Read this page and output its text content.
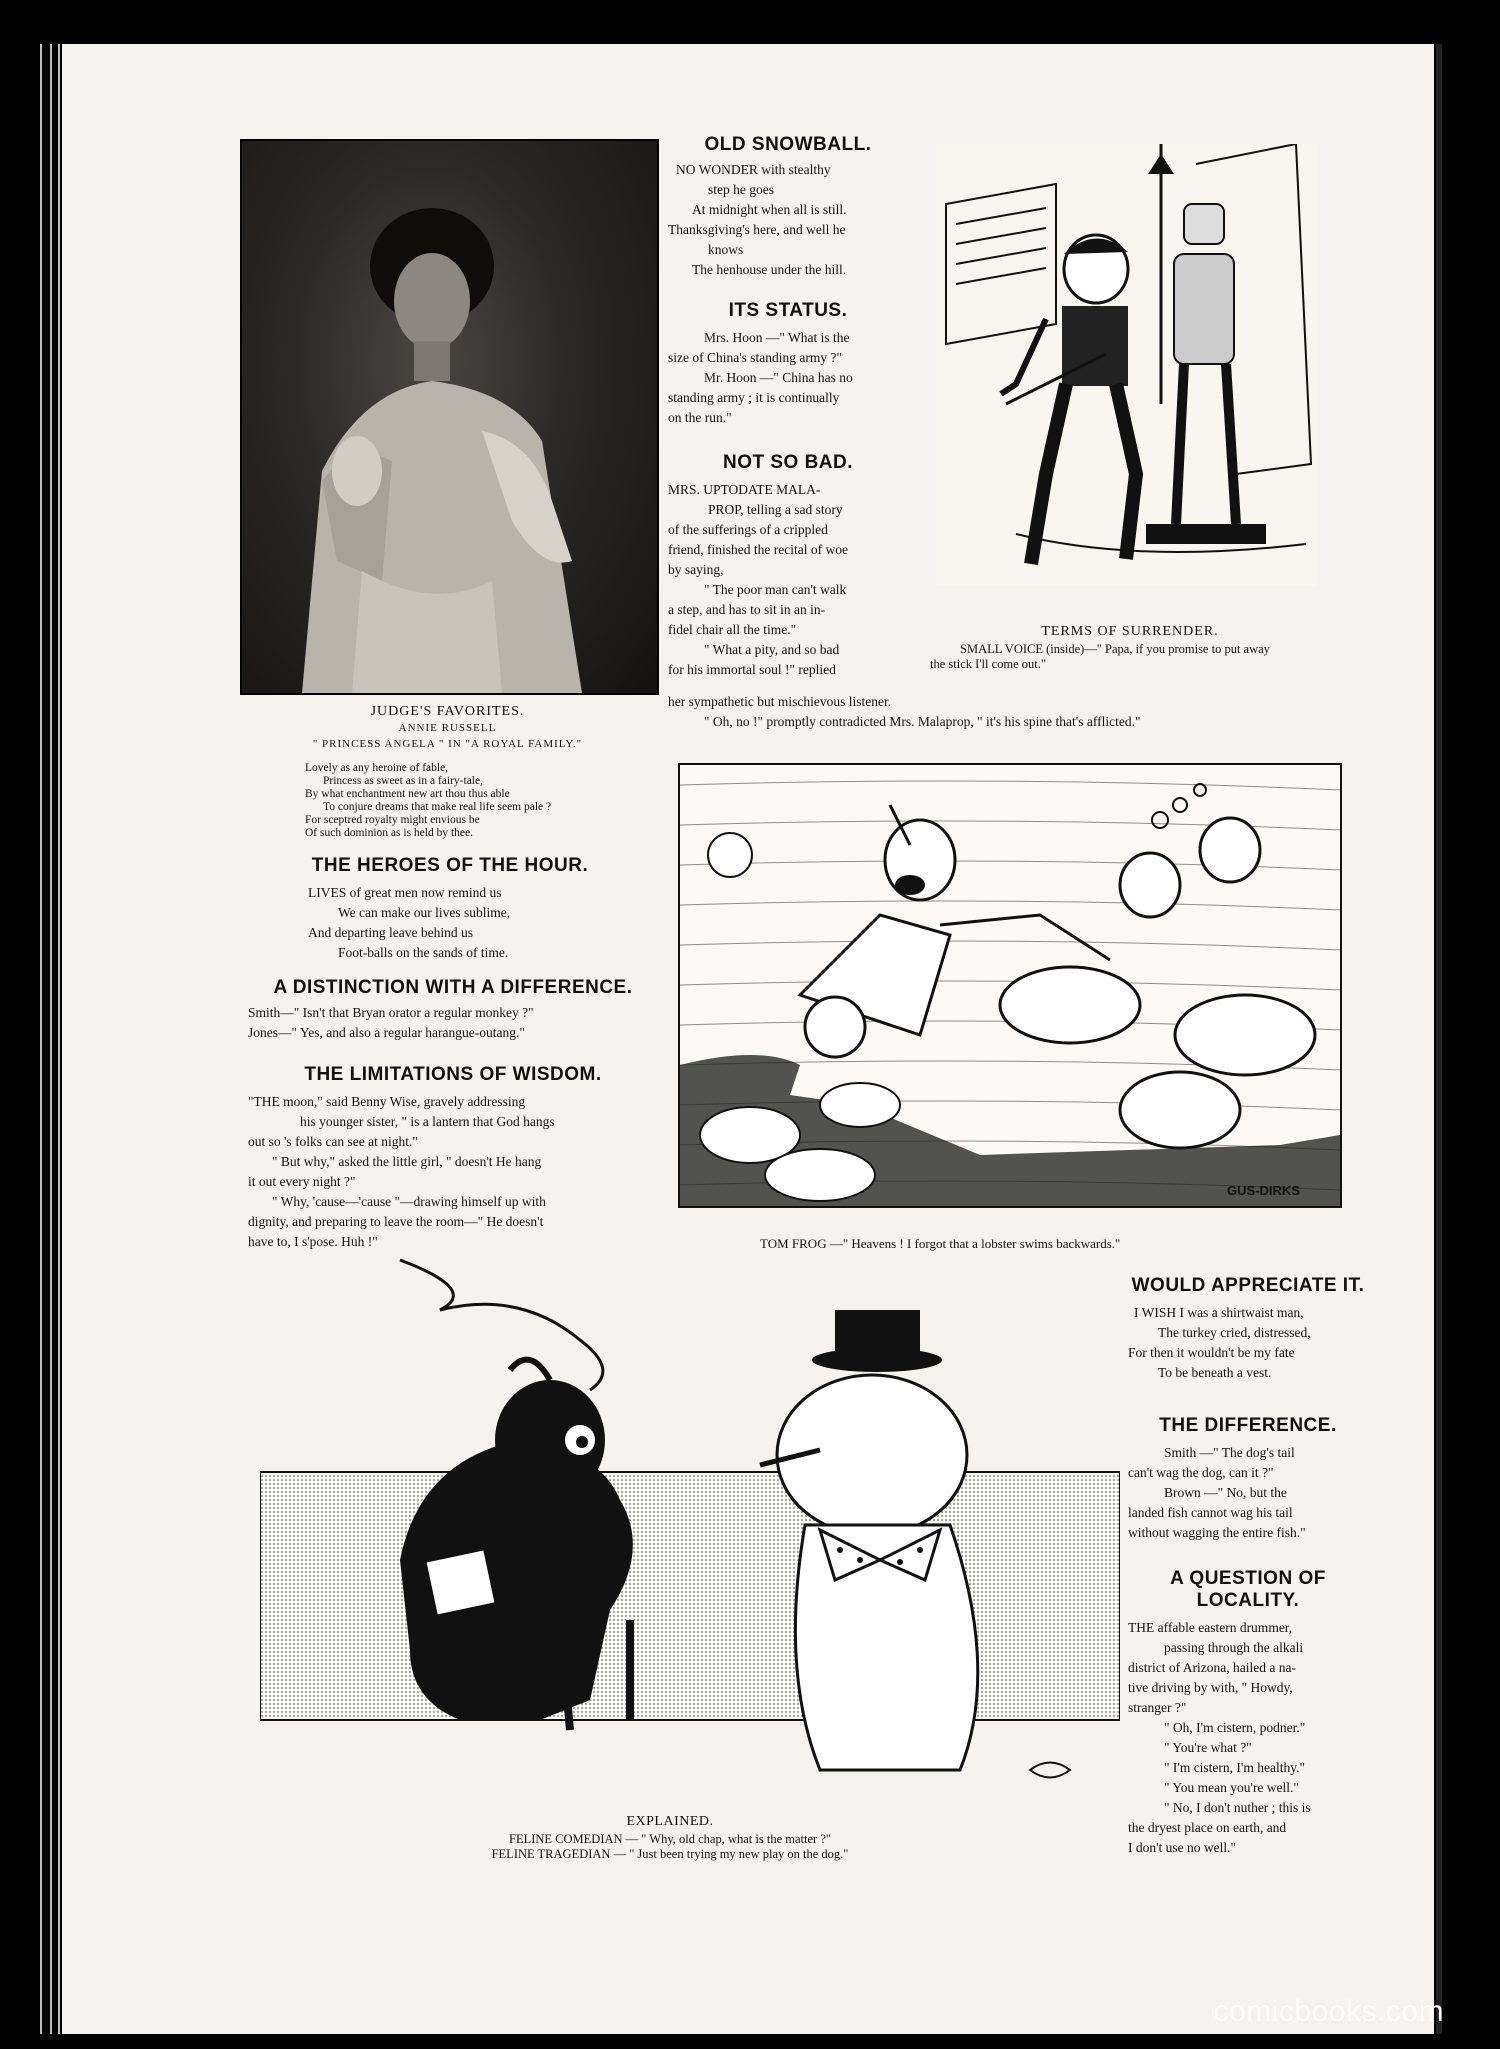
JUDGE'S FAVORITES.
ANNIE RUSSELL
" PRINCESS ANGELA " IN "A ROYAL FAMILY."
Lovely as any heroine of fable,
Princess as sweet as in a fairy-tale,
By what enchantment new art thou thus able
To conjure dreams that make real life seem pale ?
For sceptred royalty might envious be
Of such dominion as is held by thee.
THE HEROES OF THE HOUR.
LIVES of great men now remind us
We can make our lives sublime,
And departing leave behind us
Foot-balls on the sands of time.
A DISTINCTION WITH A DIFFERENCE.
Smith—" Isn't that Bryan orator a regular monkey ?"
Jones—" Yes, and also a regular harangue-outang."
THE LIMITATIONS OF WISDOM.
"THE moon," said Benny Wise, gravely addressing
his younger sister, " is a lantern that God hangs
out so 's folks can see at night."
" But why," asked the little girl, " doesn't He hang
it out every night ?"
" Why, 'cause—'cause "—drawing himself up with
dignity, and preparing to leave the room—" He doesn't
have to, I s'pose. Huh !"
OLD SNOWBALL.
NO WONDER with stealthy
step he goes
At midnight when all is still.
Thanksgiving's here, and well he
knows
The henhouse under the hill.
ITS STATUS.
Mrs. Hoon —" What is the
size of China's standing army ?"
Mr. Hoon —" China has no
standing army ; it is continually
on the run."
NOT SO BAD.
MRS. UPTODATE MALA-
PROP, telling a sad story
of the sufferings of a crippled
friend, finished the recital of woe
by saying,
" The poor man can't walk
a step, and has to sit in an in-
fidel chair all the time."
" What a pity, and so bad
for his immortal soul !" replied
her sympathetic but mischievous listener.
" Oh, no !" promptly contradicted Mrs. Malaprop, " it's his spine that's afflicted."
TERMS OF SURRENDER.
SMALL VOICE (inside)—" Papa, if you promise to put away
the stick I'll come out."
GUS-DIRKS
TOM FROG —" Heavens ! I forgot that a lobster swims backwards."
WOULD APPRECIATE IT.
I WISH I was a shirtwaist man,
The turkey cried, distressed,
For then it wouldn't be my fate
To be beneath a vest.
THE DIFFERENCE.
Smith —" The dog's tail
can't wag the dog, can it ?"
Brown —" No, but the
landed fish cannot wag his tail
without wagging the entire fish."
A QUESTION OF LOCALITY.
THE affable eastern drummer,
passing through the alkali
district of Arizona, hailed a na-
tive driving by with, " Howdy,
stranger ?"
" Oh, I'm cistern, podner."
" You're what ?"
" I'm cistern, I'm healthy."
" You mean you're well."
" No, I don't nuther ; this is
the dryest place on earth, and
I don't use no well."
EXPLAINED.
FELINE COMEDIAN — " Why, old chap, what is the matter ?"
FELINE TRAGEDIAN — " Just been trying my new play on the dog."
comicbooks.com
